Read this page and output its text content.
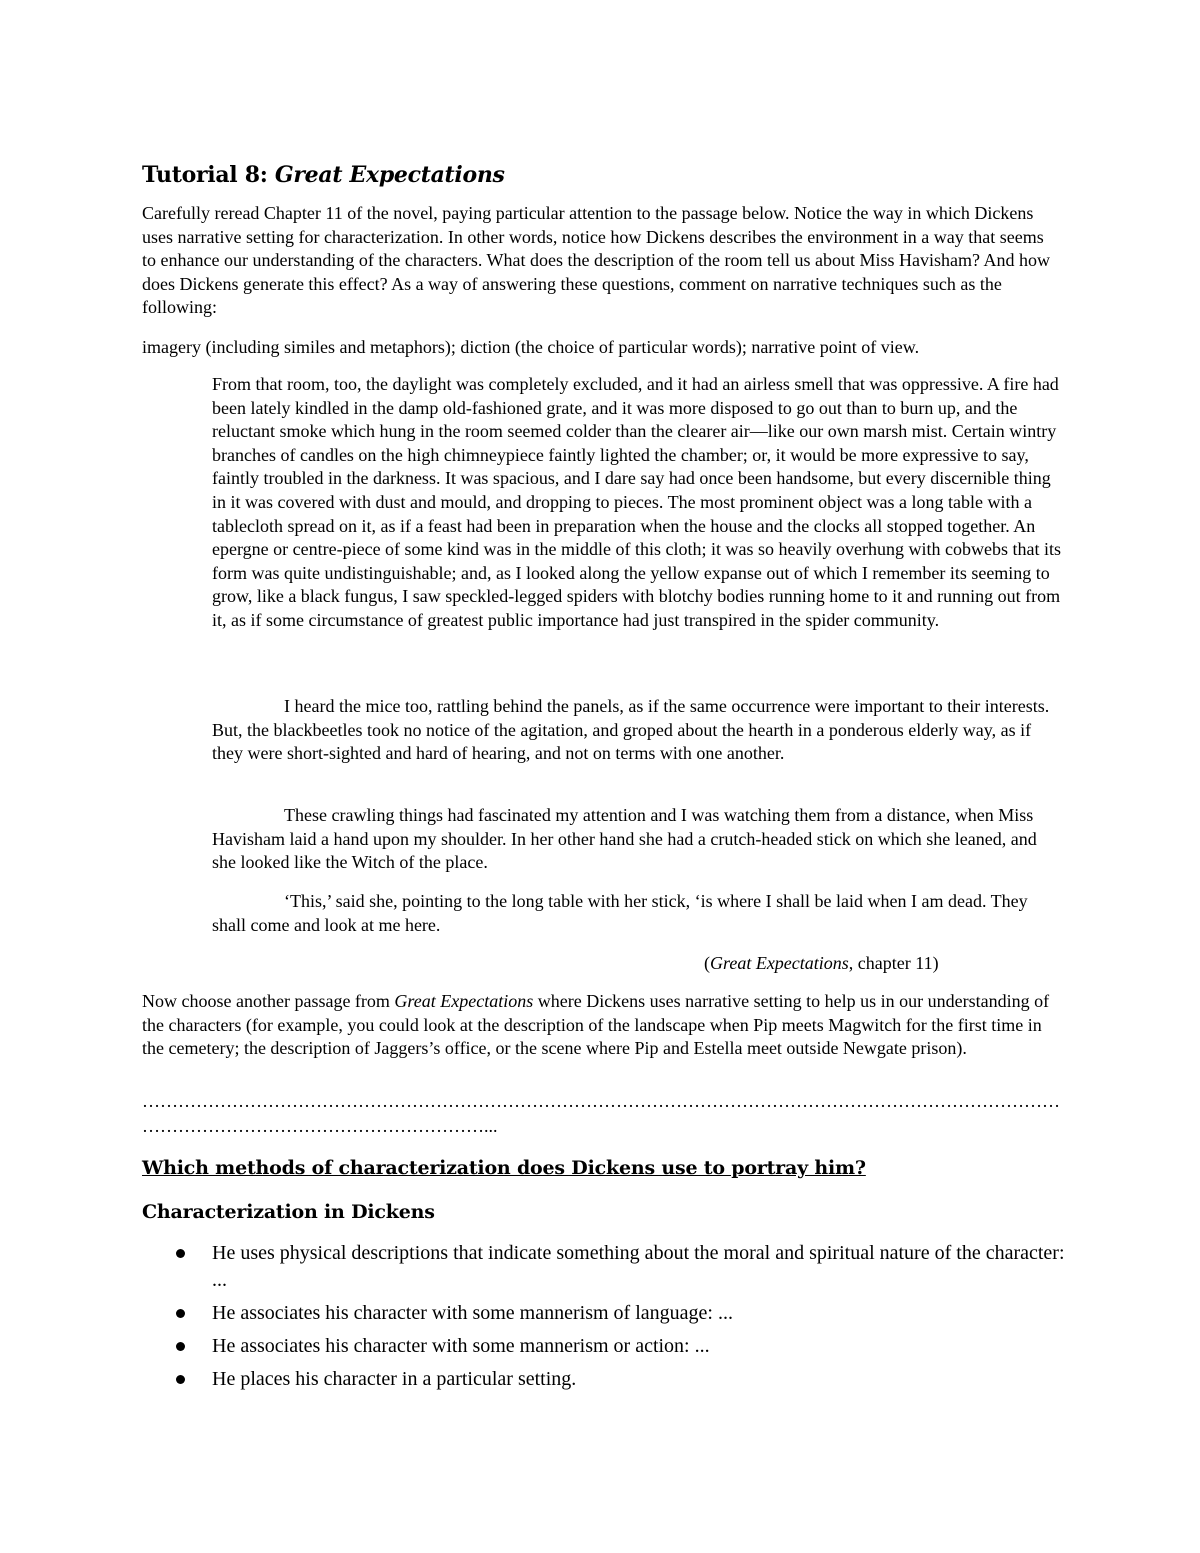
Tutorial 8: Great Expectations

Carefully reread Chapter 11 of the novel, paying particular attention to the passage below. Notice the way in which Dickens uses narrative setting for characterization. In other words, notice how Dickens describes the environment in a way that seems to enhance our understanding of the characters. What does the description of the room tell us about Miss Havisham? And how does Dickens generate this effect? As a way of answering these questions, comment on narrative techniques such as the following:

imagery (including similes and metaphors); diction (the choice of particular words); narrative point of view.

From that room, too, the daylight was completely excluded, and it had an airless smell that was oppressive. A fire had been lately kindled in the damp old-fashioned grate, and it was more disposed to go out than to burn up, and the reluctant smoke which hung in the room seemed colder than the clearer air—like our own marsh mist. Certain wintry branches of candles on the high chimneypiece faintly lighted the chamber; or, it would be more expressive to say, faintly troubled in the darkness. It was spacious, and I dare say had once been handsome, but every discernible thing in it was covered with dust and mould, and dropping to pieces. The most prominent object was a long table with a tablecloth spread on it, as if a feast had been in preparation when the house and the clocks all stopped together. An epergne or centre-piece of some kind was in the middle of this cloth; it was so heavily overhung with cobwebs that its form was quite undistinguishable; and, as I looked along the yellow expanse out of which I remember its seeming to grow, like a black fungus, I saw speckled-legged spiders with blotchy bodies running home to it and running out from it, as if some circumstance of greatest public importance had just transpired in the spider community.

I heard the mice too, rattling behind the panels, as if the same occurrence were important to their interests. But, the blackbeetles took no notice of the agitation, and groped about the hearth in a ponderous elderly way, as if they were short-sighted and hard of hearing, and not on terms with one another.

These crawling things had fascinated my attention and I was watching them from a distance, when Miss Havisham laid a hand upon my shoulder. In her other hand she had a crutch-headed stick on which she leaned, and she looked like the Witch of the place.

‘This,’ said she, pointing to the long table with her stick, ‘is where I shall be laid when I am dead. They shall come and look at me here.

(Great Expectations, chapter 11)

Now choose another passage from Great Expectations where Dickens uses narrative setting to help us in our understanding of the characters (for example, you could look at the description of the landscape when Pip meets Magwitch for the first time in the cemetery; the description of Jaggers’s office, or the scene where Pip and Estella meet outside Newgate prison).

………………………………………………………………………………………………………………………………………
…………………………………………………...
Which methods of characterization does Dickens use to portray him?
Characterization in Dickens
He uses physical descriptions that indicate something about the moral and spiritual nature of the character: ...
He associates his character with some mannerism of language: ...
He associates his character with some mannerism or action: ...
He places his character in a particular setting.
